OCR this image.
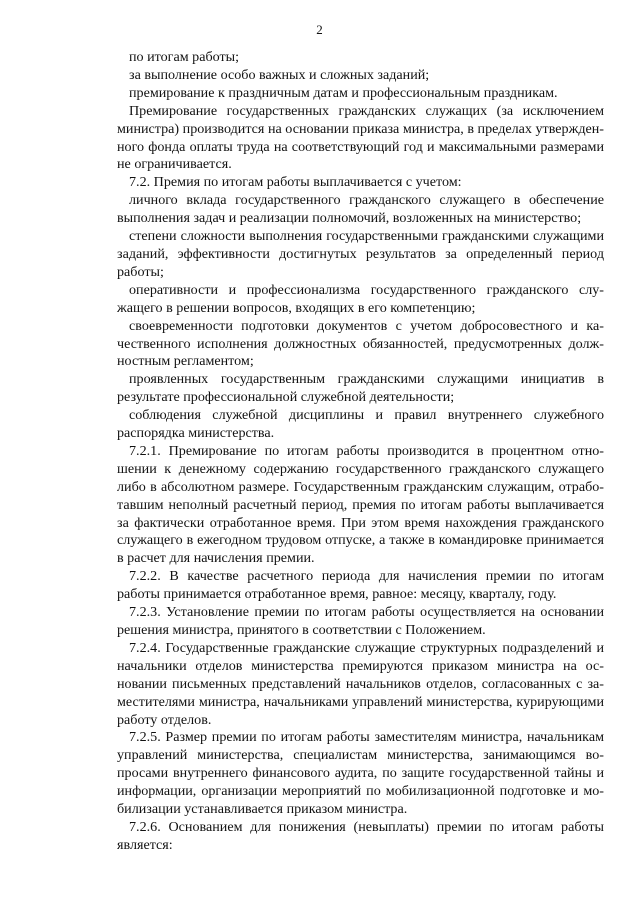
2

по итогам работы;

за выполнение особо важных и сложных заданий;

премирование к праздничным датам и профессиональным праздникам.

Премирование государственных гражданских служащих (за исключением министра) производится на основании приказа министра, в пределах утвержденного фонда оплаты труда на соответствующий год и максимальными размерами не ограничивается.

7.2. Премия по итогам работы выплачивается с учетом:

личного вклада государственного гражданского служащего в обеспечение выполнения задач и реализации полномочий, возложенных на министерство;

степени сложности выполнения государственными гражданскими служащими заданий, эффективности достигнутых результатов за определенный период работы;

оперативности и профессионализма государственного гражданского служащего в решении вопросов, входящих в его компетенцию;

своевременности подготовки документов с учетом добросовестного и качественного исполнения должностных обязанностей, предусмотренных должностным регламентом;

проявленных государственным гражданскими служащими инициатив в результате профессиональной служебной деятельности;

соблюдения служебной дисциплины и правил внутреннего служебного распорядка министерства.

7.2.1. Премирование по итогам работы производится в процентном отношении к денежному содержанию государственного гражданского служащего либо в абсолютном размере. Государственным гражданским служащим, отработавшим неполный расчетный период, премия по итогам работы выплачивается за фактически отработанное время. При этом время нахождения гражданского служащего в ежегодном трудовом отпуске, а также в командировке принимается в расчет для начисления премии.

7.2.2. В качестве расчетного периода для начисления премии по итогам работы принимается отработанное время, равное: месяцу, кварталу, году.

7.2.3. Установление премии по итогам работы осуществляется на основании решения министра, принятого в соответствии с Положением.

7.2.4. Государственные гражданские служащие структурных подразделений и начальники отделов министерства премируются приказом министра на основании письменных представлений начальников отделов, согласованных с заместителями министра, начальниками управлений министерства, курирующими работу отделов.

7.2.5. Размер премии по итогам работы заместителям министра, начальникам управлений министерства, специалистам министерства, занимающимся вопросами внутреннего финансового аудита, по защите государственной тайны и информации, организации мероприятий по мобилизационной подготовке и мобилизации устанавливается приказом министра.

7.2.6. Основанием для понижения (невыплаты) премии по итогам работы является:
